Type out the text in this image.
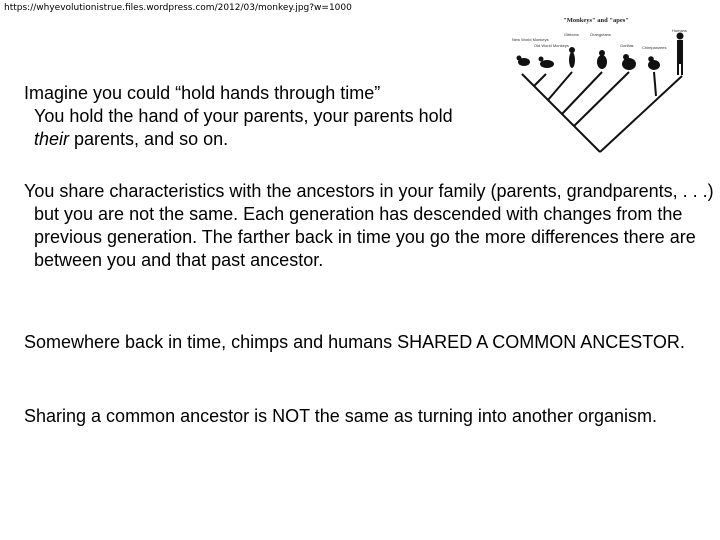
https://whyevolutionistrue.files.wordpress.com/2012/03/monkey.jpg?w=1000
"Monkeys" and "apes"
New World Monkeys
Old World Monkeys
Gibbons	Orangutans
Gorillas Chimpanzees
Humans
Imagine you could “hold hands through time”
You hold the hand of your parents, your parents hold
their parents, and so on.
You share characteristics with the ancestors in your family (parents, grandparents, . . .) but you are not the same. Each generation has descended with changes from the previous generation. The farther back in time you go the more differences there are between you and that past ancestor.
Somewhere back in time, chimps and humans SHARED A COMMON ANCESTOR.
Sharing a common ancestor is NOT the same as turning into another organism.
